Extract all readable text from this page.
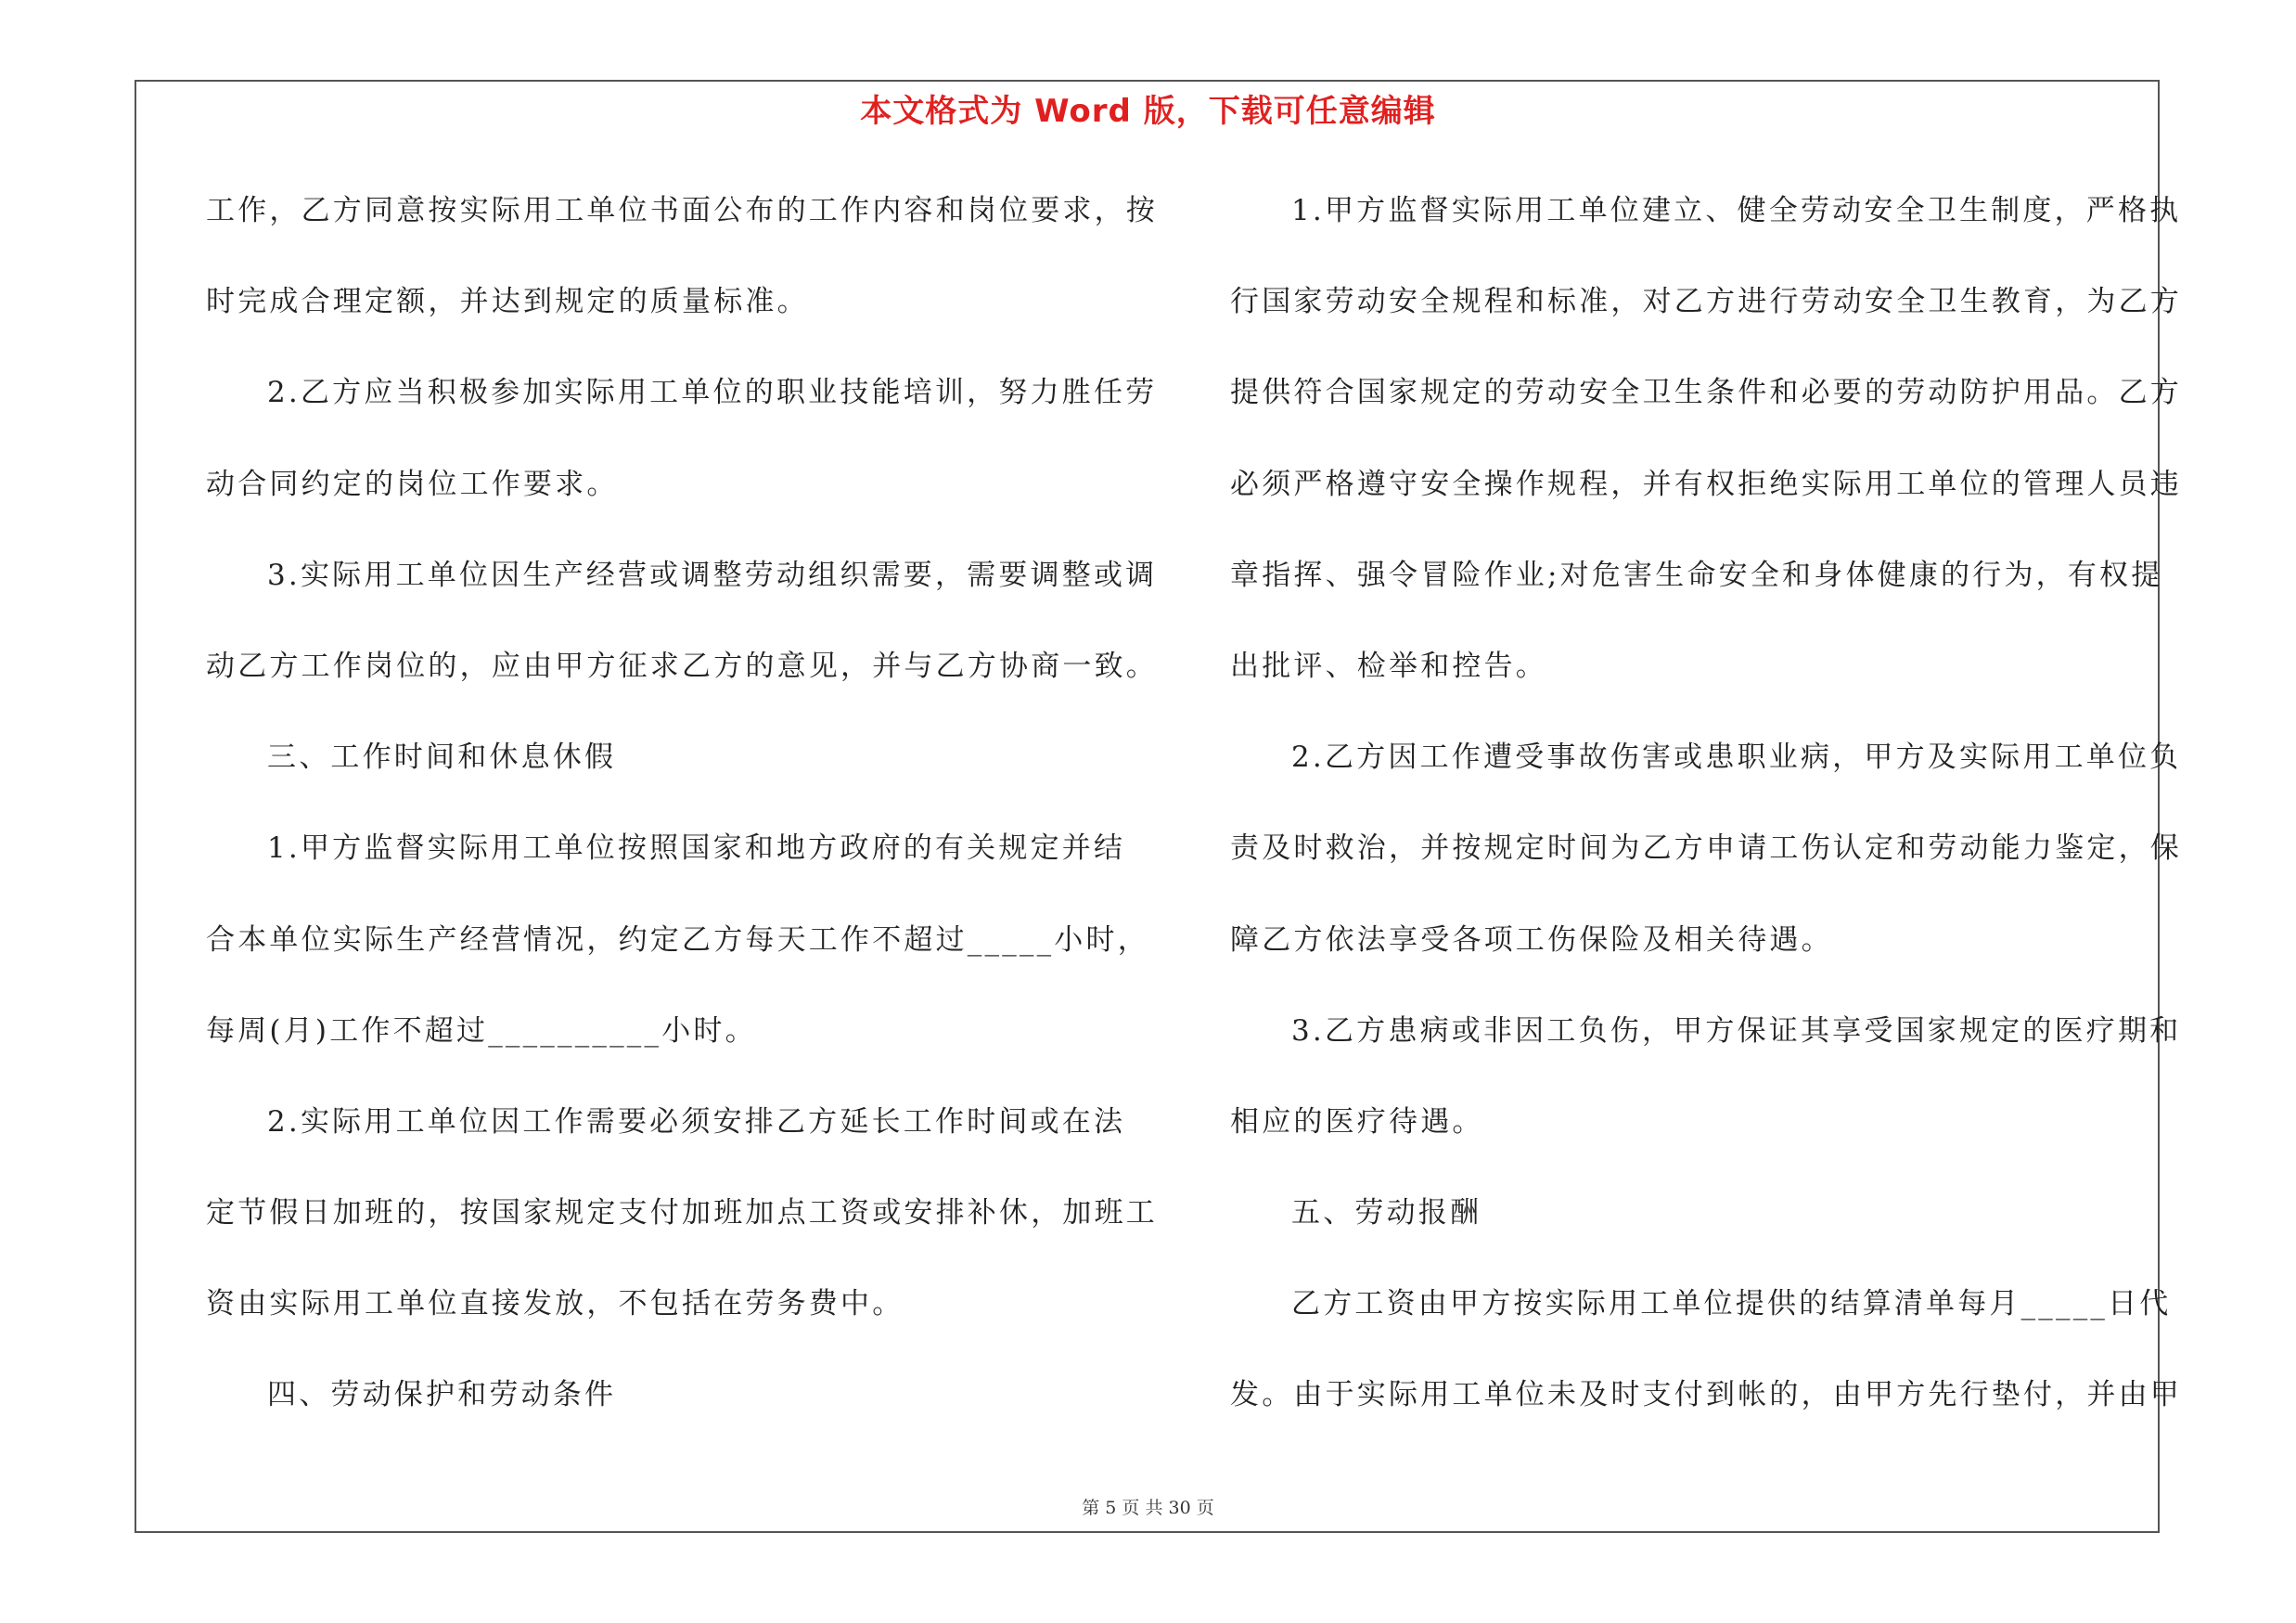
本文格式为 Word 版，下载可任意编辑
工作，乙方同意按实际用工单位书面公布的工作内容和岗位要求，按
时完成合理定额，并达到规定的质量标准。
2.乙方应当积极参加实际用工单位的职业技能培训，努力胜任劳
动合同约定的岗位工作要求。
3.实际用工单位因生产经营或调整劳动组织需要，需要调整或调
动乙方工作岗位的，应由甲方征求乙方的意见，并与乙方协商一致。
三、工作时间和休息休假
1.甲方监督实际用工单位按照国家和地方政府的有关规定并结
合本单位实际生产经营情况，约定乙方每天工作不超过_____小时，
每周(月)工作不超过__________小时。
2.实际用工单位因工作需要必须安排乙方延长工作时间或在法
定节假日加班的，按国家规定支付加班加点工资或安排补休，加班工
资由实际用工单位直接发放，不包括在劳务费中。
四、劳动保护和劳动条件
1.甲方监督实际用工单位建立、健全劳动安全卫生制度，严格执
行国家劳动安全规程和标准，对乙方进行劳动安全卫生教育，为乙方
提供符合国家规定的劳动安全卫生条件和必要的劳动防护用品。乙方
必须严格遵守安全操作规程，并有权拒绝实际用工单位的管理人员违
章指挥、强令冒险作业;对危害生命安全和身体健康的行为，有权提
出批评、检举和控告。
2.乙方因工作遭受事故伤害或患职业病，甲方及实际用工单位负
责及时救治，并按规定时间为乙方申请工伤认定和劳动能力鉴定，保
障乙方依法享受各项工伤保险及相关待遇。
3.乙方患病或非因工负伤，甲方保证其享受国家规定的医疗期和
相应的医疗待遇。
五、劳动报酬
乙方工资由甲方按实际用工单位提供的结算清单每月_____日代
发。由于实际用工单位未及时支付到帐的，由甲方先行垫付，并由甲
第 5 页 共 30 页
